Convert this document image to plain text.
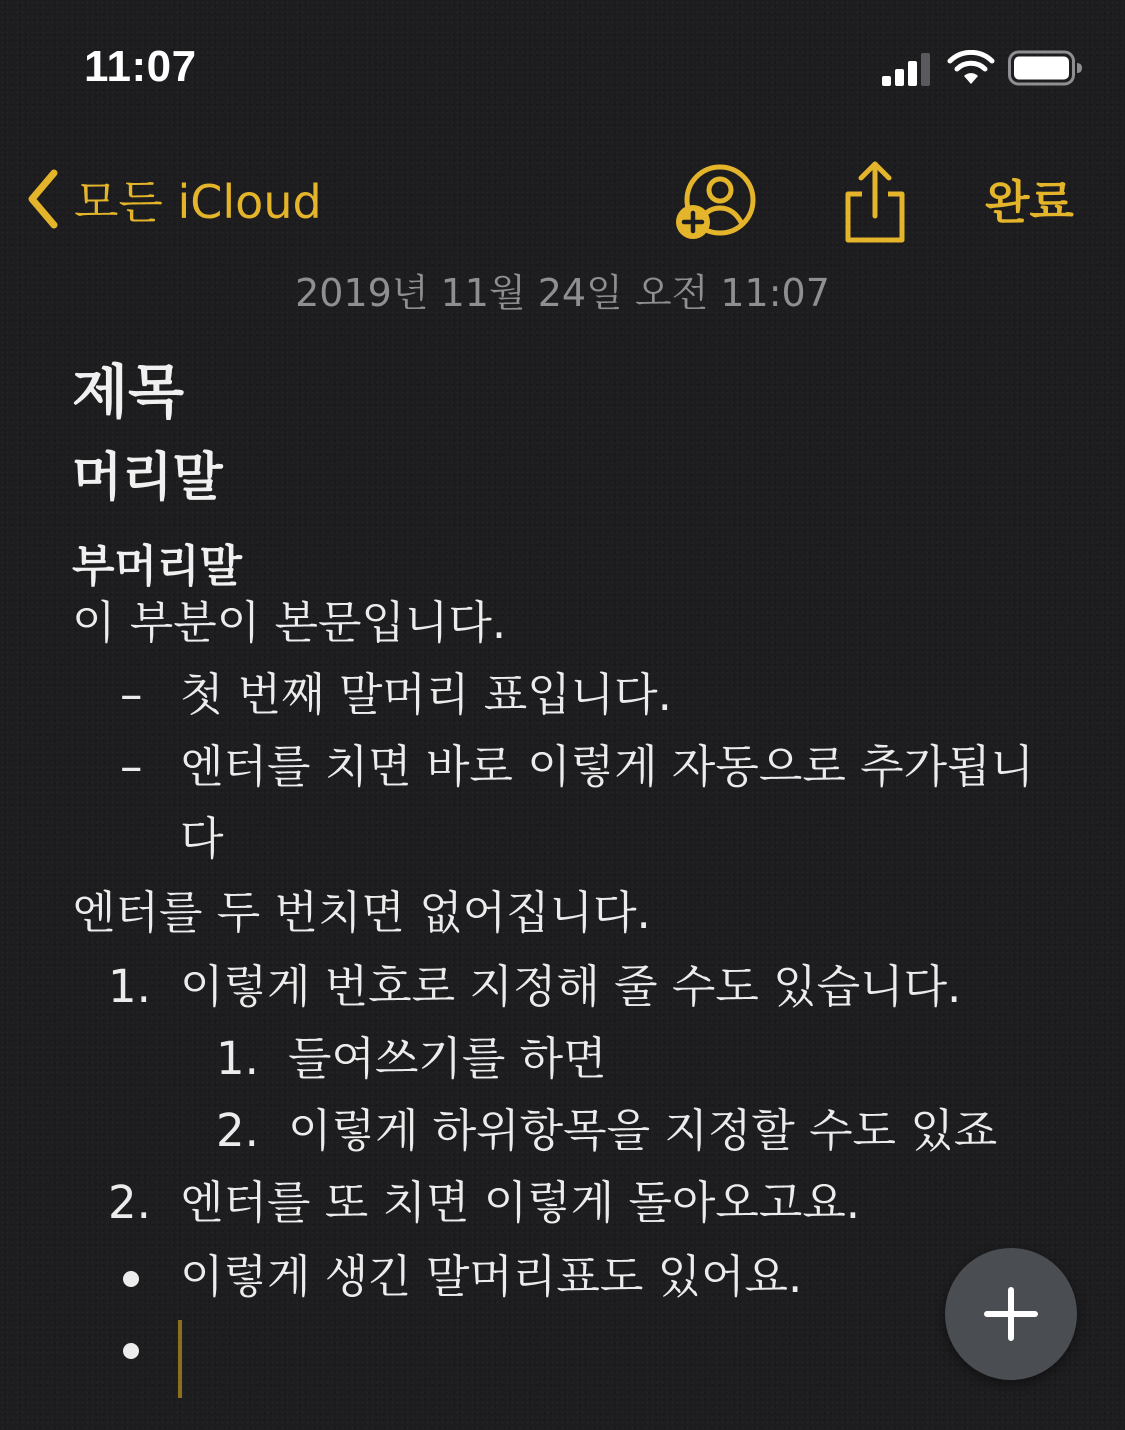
11:07
모든 iCloud	완료
2019년 11월 24일 오전 11:07
제목
머리말
부머리말
이 부분이 본문입니다.
– 첫 번째 말머리 표입니다.
– 엔터를 치면 바로 이렇게 자동으로 추가됩니
다
엔터를 두 번치면 없어집니다.
1. 이렇게 번호로 지정해 줄 수도 있습니다.
1. 들여쓰기를 하면
2. 이렇게 하위항목을 지정할 수도 있죠
2. 엔터를 또 치면 이렇게 돌아오고요.
이렇게 생긴 말머리표도 있어요.
